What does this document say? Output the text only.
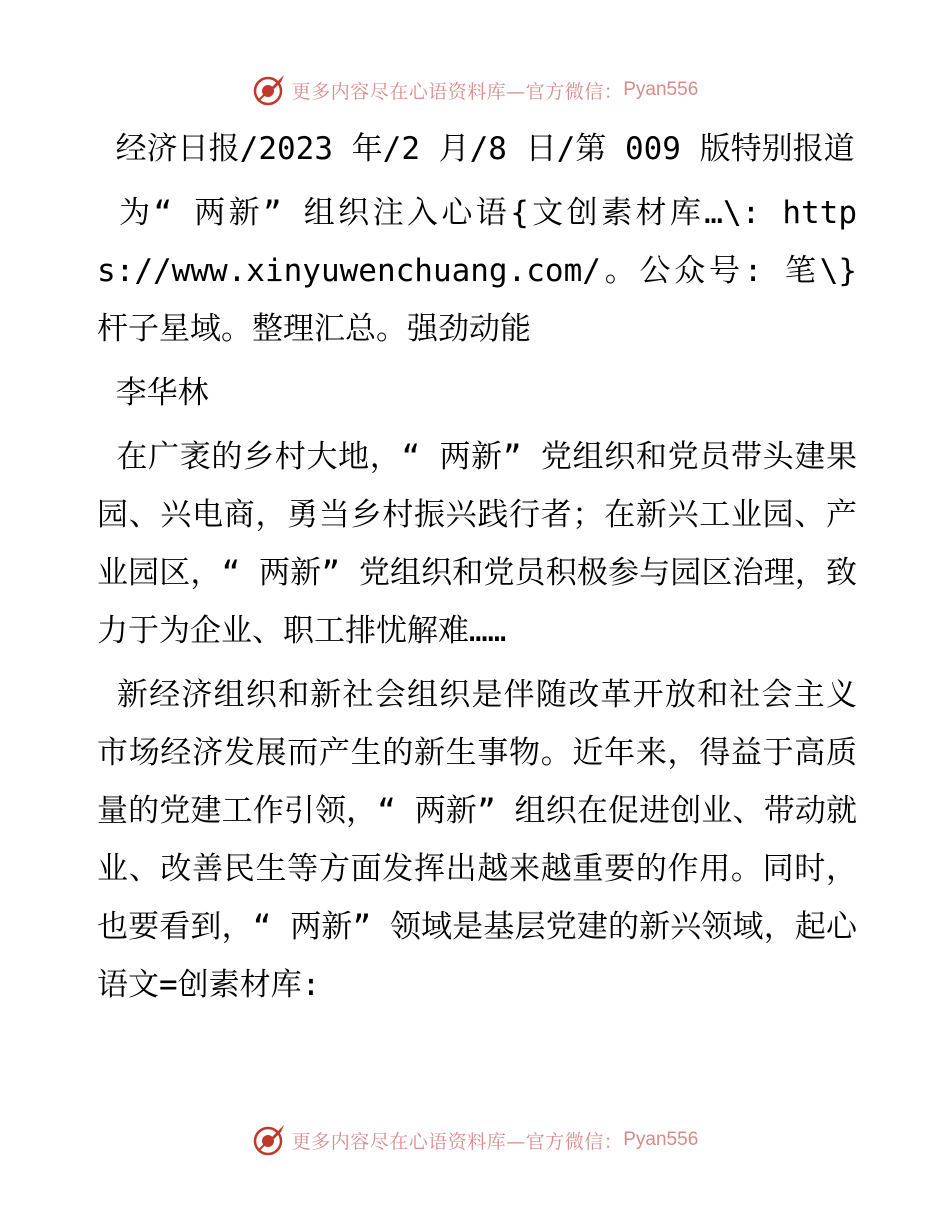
更多内容尽在心语资料库—官方微信： Pyan556

经济日报/2023 年/2 月/8 日/第 009 版特别报道

为“ 两新” 组织注入心语{文创素材库…\: https://www.xinyuwenchuang.com/。公众号: 笔\}杆子星域。整理汇总。强劲动能

李华林

在广袤的乡村大地，“ 两新” 党组织和党员带头建果园、兴电商，勇当乡村振兴践行者；在新兴工业园、产业园区，“ 两新” 党组织和党员积极参与园区治理，致力于为企业、职工排忧解难……

新经济组织和新社会组织是伴随改革开放和社会主义市场经济发展而产生的新生事物。近年来，得益于高质量的党建工作引领，“ 两新” 组织在促进创业、带动就业、改善民生等方面发挥出越来越重要的作用。同时，也要看到，“ 两新” 领域是基层党建的新兴领域，起心语文=创素材库:

更多内容尽在心语资料库—官方微信： Pyan556
